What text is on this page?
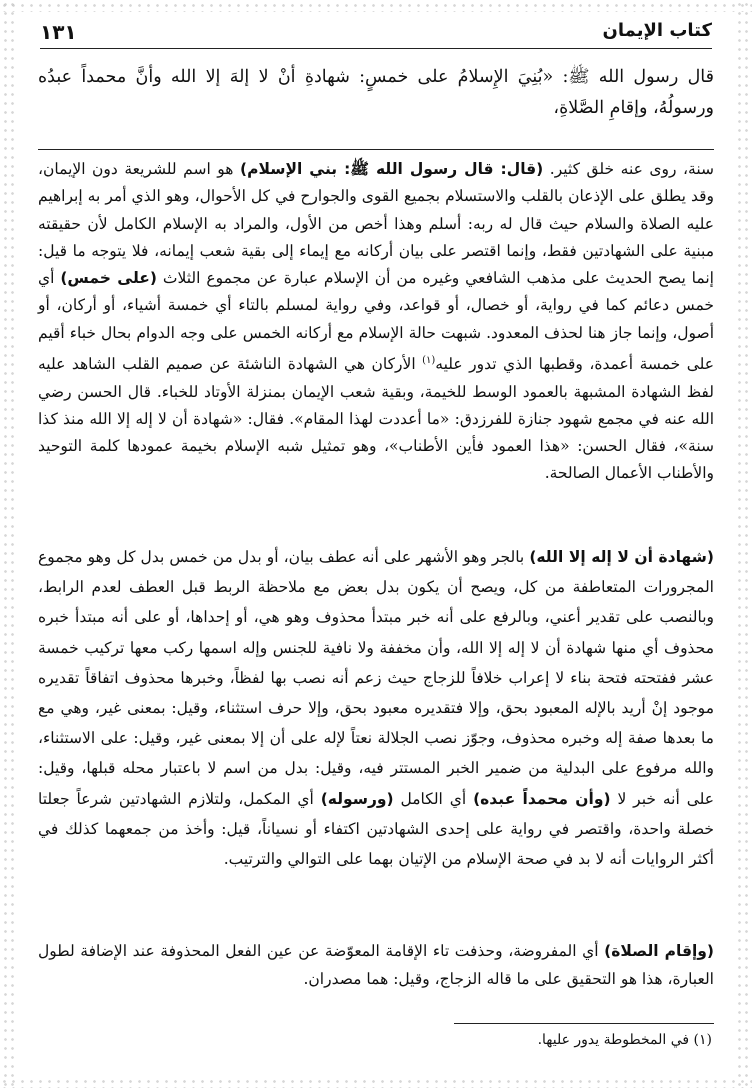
كتاب الإيمان
١٣١
قال رسول الله ﷺ: «بُنِيَ الإِسلامُ على خمسٍ: شهادةِ أنْ لا إلهَ إلا الله وأنَّ محمداً عبدُه ورسولُهُ، وإقامِ الصَّلاةِ،
سنة، روى عنه خلق كثير. (قال: قال رسول الله ﷺ: بني الإسلام) هو اسم للشريعة دون الإيمان، وقد يطلق على الإذعان بالقلب والاستسلام بجميع القوى والجوارح في كل الأحوال، وهو الذي أمر به إبراهيم عليه الصلاة والسلام حيث قال له ربه: أسلم وهذا أخص من الأول، والمراد به الإسلام الكامل لأن حقيقته مبنية على الشهادتين فقط، وإنما اقتصر على بيان أركانه مع إيماء إلى بقية شعب إيمانه، فلا يتوجه ما قيل: إنما يصح الحديث على مذهب الشافعي وغيره من أن الإسلام عبارة عن مجموع الثلاث (على خمس) أي خمس دعائم كما في رواية، أو خصال، أو قواعد، وفي رواية لمسلم بالتاء أي خمسة أشياء، أو أركان، أو أصول، وإنما جاز هنا لحذف المعدود. شبهت حالة الإسلام مع أركانه الخمس على وجه الدوام بحال خباء أقيم على خمسة أعمدة، وقطبها الذي تدور عليه$^{(١)}$ الأركان هي الشهادة الناشئة عن صميم القلب الشاهد عليه لفظ الشهادة المشبهة بالعمود الوسط للخيمة، وبقية شعب الإيمان بمنزلة الأوتاد للخباء. قال الحسن رضي الله عنه في مجمع شهود جنازة للفرزدق: «ما أعددت لهذا المقام». فقال: «شهادة أن لا إله إلا الله منذ كذا سنة»، فقال الحسن: «هذا العمود فأين الأطناب»، وهو تمثيل شبه الإسلام بخيمة عمودها كلمة التوحيد والأطناب الأعمال الصالحة.
(شهادة أن لا إله إلا الله) بالجر وهو الأشهر على أنه عطف بيان، أو بدل من خمس بدل كل وهو مجموع المجرورات المتعاطفة من كل، ويصح أن يكون بدل بعض مع ملاحظة الربط قبل العطف لعدم الرابط، وبالنصب على تقدير أعني، وبالرفع على أنه خبر مبتدأ محذوف وهو هي، أو إحداها، أو على أنه مبتدأ خبره محذوف أي منها شهادة أن لا إله إلا الله، وأن مخففة ولا نافية للجنس وإله اسمها ركب معها تركيب خمسة عشر ففتحته فتحة بناء لا إعراب خلافاً للزجاج حيث زعم أنه نصب بها لفظاً، وخبرها محذوف اتفاقاً تقديره موجود إنْ أريد بالإله المعبود بحق، وإلا فتقديره معبود بحق، وإلا حرف استثناء، وقيل: بمعنى غير، وهي مع ما بعدها صفة إله وخبره محذوف، وجوّز نصب الجلالة نعتاً لإله على أن إلا بمعنى غير، وقيل: على الاستثناء، والله مرفوع على البدلية من ضمير الخبر المستتر فيه، وقيل: بدل من اسم لا باعتبار محله قبلها، وقيل: على أنه خبر لا (وأن محمداً عبده) أي الكامل (ورسوله) أي المكمل، ولتلازم الشهادتين شرعاً جعلتا خصلة واحدة، واقتصر في رواية على إحدى الشهادتين اكتفاء أو نسياناً، قيل: وأخذ من جمعهما كذلك في أكثر الروايات أنه لا بد في صحة الإسلام من الإتيان بهما على التوالي والترتيب.
(وإقام الصلاة) أي المفروضة، وحذفت تاء الإقامة المعوّضة عن عين الفعل المحذوفة عند الإضافة لطول العبارة، هذا هو التحقيق على ما قاله الزجاج، وقيل: هما مصدران.
(١) في المخطوطة يدور عليها.
